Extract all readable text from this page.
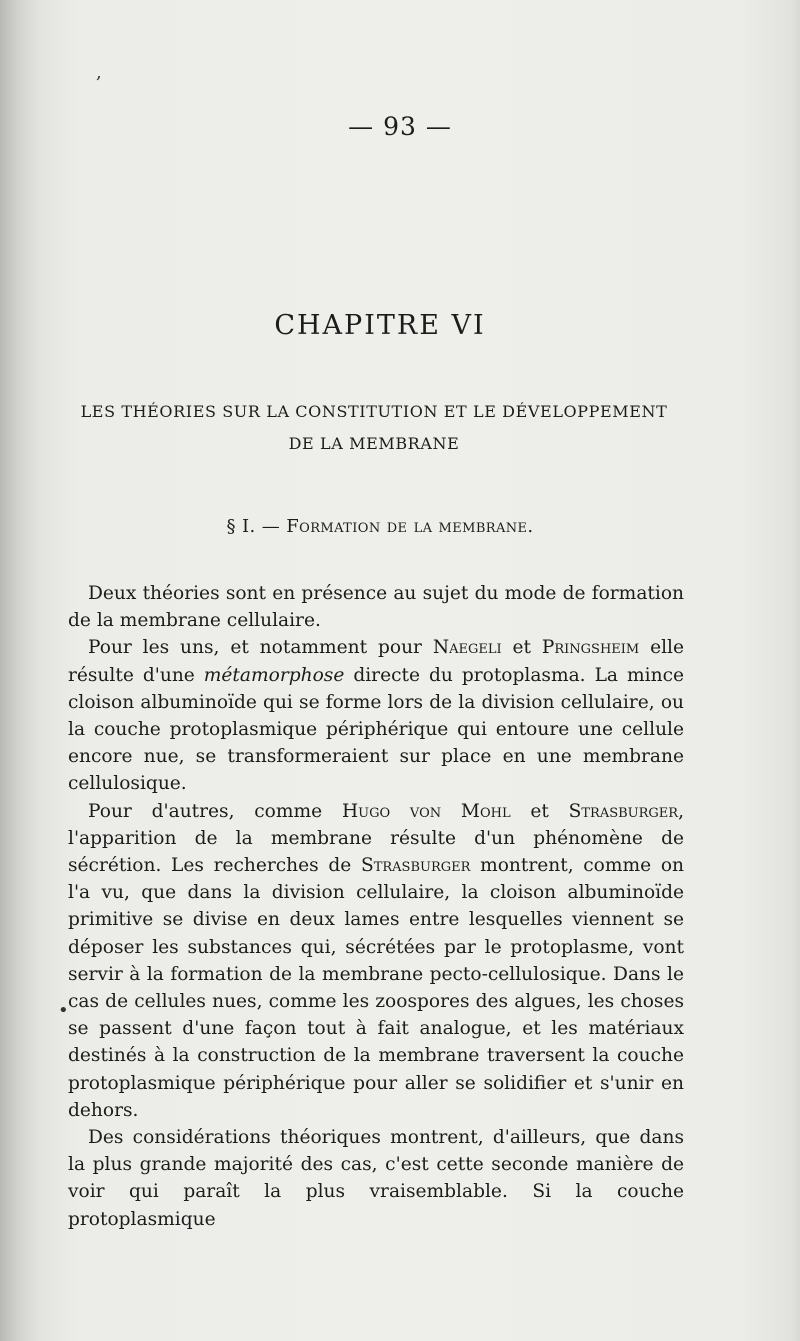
,
•
— 93 —
CHAPITRE VI
LES THÉORIES SUR LA CONSTITUTION ET LE DÉVELOPPEMENT DE LA MEMBRANE
§ I. — Formation de la membrane.

Deux théories sont en présence au sujet du mode de formation de la membrane cellulaire.

Pour les uns, et notamment pour Naegeli et Pringsheim elle résulte d'une métamorphose directe du protoplasma. La mince cloison albuminoïde qui se forme lors de la division cellulaire, ou la couche protoplasmique périphérique qui entoure une cellule encore nue, se transformeraient sur place en une membrane cellulosique.

Pour d'autres, comme Hugo von Mohl et Strasburger, l'apparition de la membrane résulte d'un phénomène de sécrétion. Les recherches de Strasburger montrent, comme on l'a vu, que dans la division cellulaire, la cloison albuminoïde primitive se divise en deux lames entre lesquelles viennent se déposer les substances qui, sécrétées par le protoplasme, vont servir à la formation de la membrane pecto-cellulosique. Dans le cas de cellules nues, comme les zoospores des algues, les choses se passent d'une façon tout à fait analogue, et les matériaux destinés à la construction de la membrane traversent la couche protoplasmique périphérique pour aller se solidifier et s'unir en dehors.

Des considérations théoriques montrent, d'ailleurs, que dans la plus grande majorité des cas, c'est cette seconde manière de voir qui paraît la plus vraisemblable. Si la couche protoplasmique
